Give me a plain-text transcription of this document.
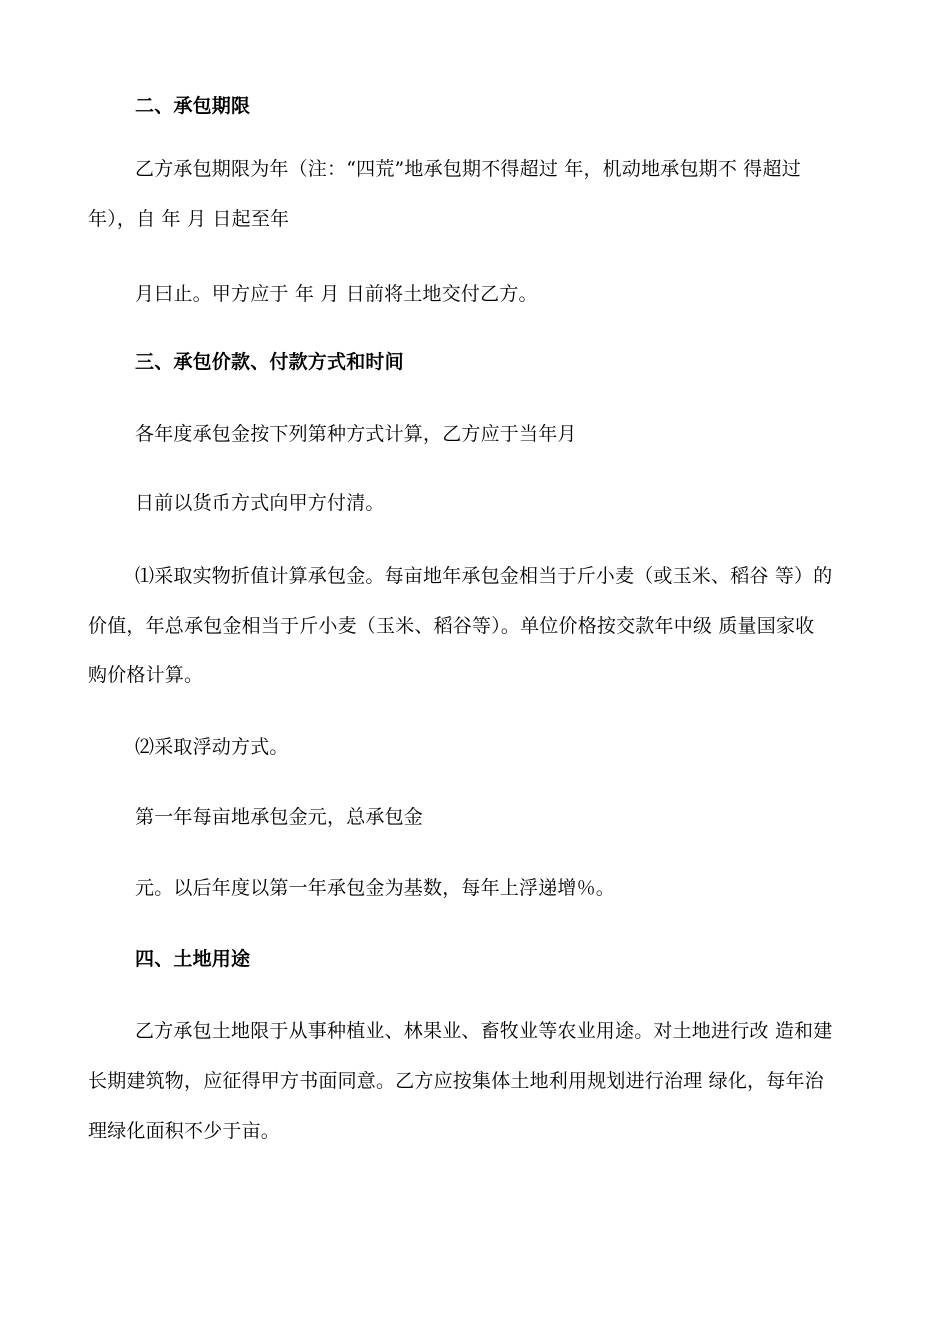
二、承包期限
乙方承包期限为年（注：“四荒”地承包期不得超过 年，机动地承包期不 得超过
年），自 年 月 日起至年
月曰止。甲方应于 年 月 日前将土地交付乙方。
三、承包价款、付款方式和时间
各年度承包金按下列第种方式计算，乙方应于当年月
日前以货币方式向甲方付清。
⑴采取实物折值计算承包金。每亩地年承包金相当于斤小麦（或玉米、稻谷 等）的
价值，年总承包金相当于斤小麦（玉米、稻谷等）。单位价格按交款年中级 质量国家收
购价格计算。
⑵采取浮动方式。
第一年每亩地承包金元，总承包金
元。以后年度以第一年承包金为基数，每年上浮递增％。
四、土地用途
乙方承包土地限于从事种植业、林果业、畜牧业等农业用途。对土地进行改 造和建
长期建筑物，应征得甲方书面同意。乙方应按集体土地利用规划进行治理 绿化，每年治
理绿化面积不少于亩。
